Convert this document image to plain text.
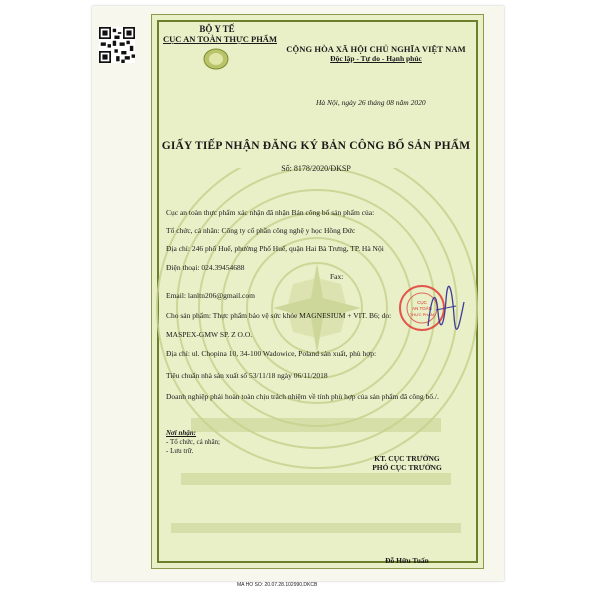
BỘ Y TẾ
CỤC AN TOÀN THỰC PHẨM
CỘNG HÒA XÃ HỘI CHỦ NGHĨA VIỆT NAM
Độc lập - Tự do - Hạnh phúc
Hà Nội, ngày 26 tháng 08 năm 2020
GIẤY TIẾP NHẬN ĐĂNG KÝ BẢN CÔNG BỐ SẢN PHẨM
Số: 8178/2020/ĐKSP
Cục an toàn thực phẩm xác nhận đã nhận Bản công bố sản phẩm của:
Tổ chức, cá nhân: Công ty cổ phần công nghệ y học Hồng Đức
Địa chỉ: 246 phố Huế, phường Phố Huế, quận Hai Bà Trưng, TP. Hà Nội
Điện thoại: 024.39454688
Fax:
Email: lanltn206@gmail.com
Cho sản phẩm: Thực phẩm bảo vệ sức khỏe MAGNESIUM + VIT. B6; do:
MASPEX-GMW SP. Z O.O.
Địa chỉ: ul. Chopina 10, 34-100 Wadowice, Poland sản xuất, phù hợp:
Tiêu chuẩn nhà sản xuất số 53/11/18 ngày 06/11/2018
Doanh nghiệp phải hoàn toàn chịu trách nhiệm về tính phù hợp của sản phẩm đã công bố./.
Nơi nhận:
- Tổ chức, cá nhân;
- Lưu trữ.
KT. CỤC TRƯỞNG
PHÓ CỤC TRƯỞNG
CỤC
AN TOÀN
THỰC PHẨM
Đỗ Hữu Tuấn
MA HO SO: 20.07.28.102990.DKCB
